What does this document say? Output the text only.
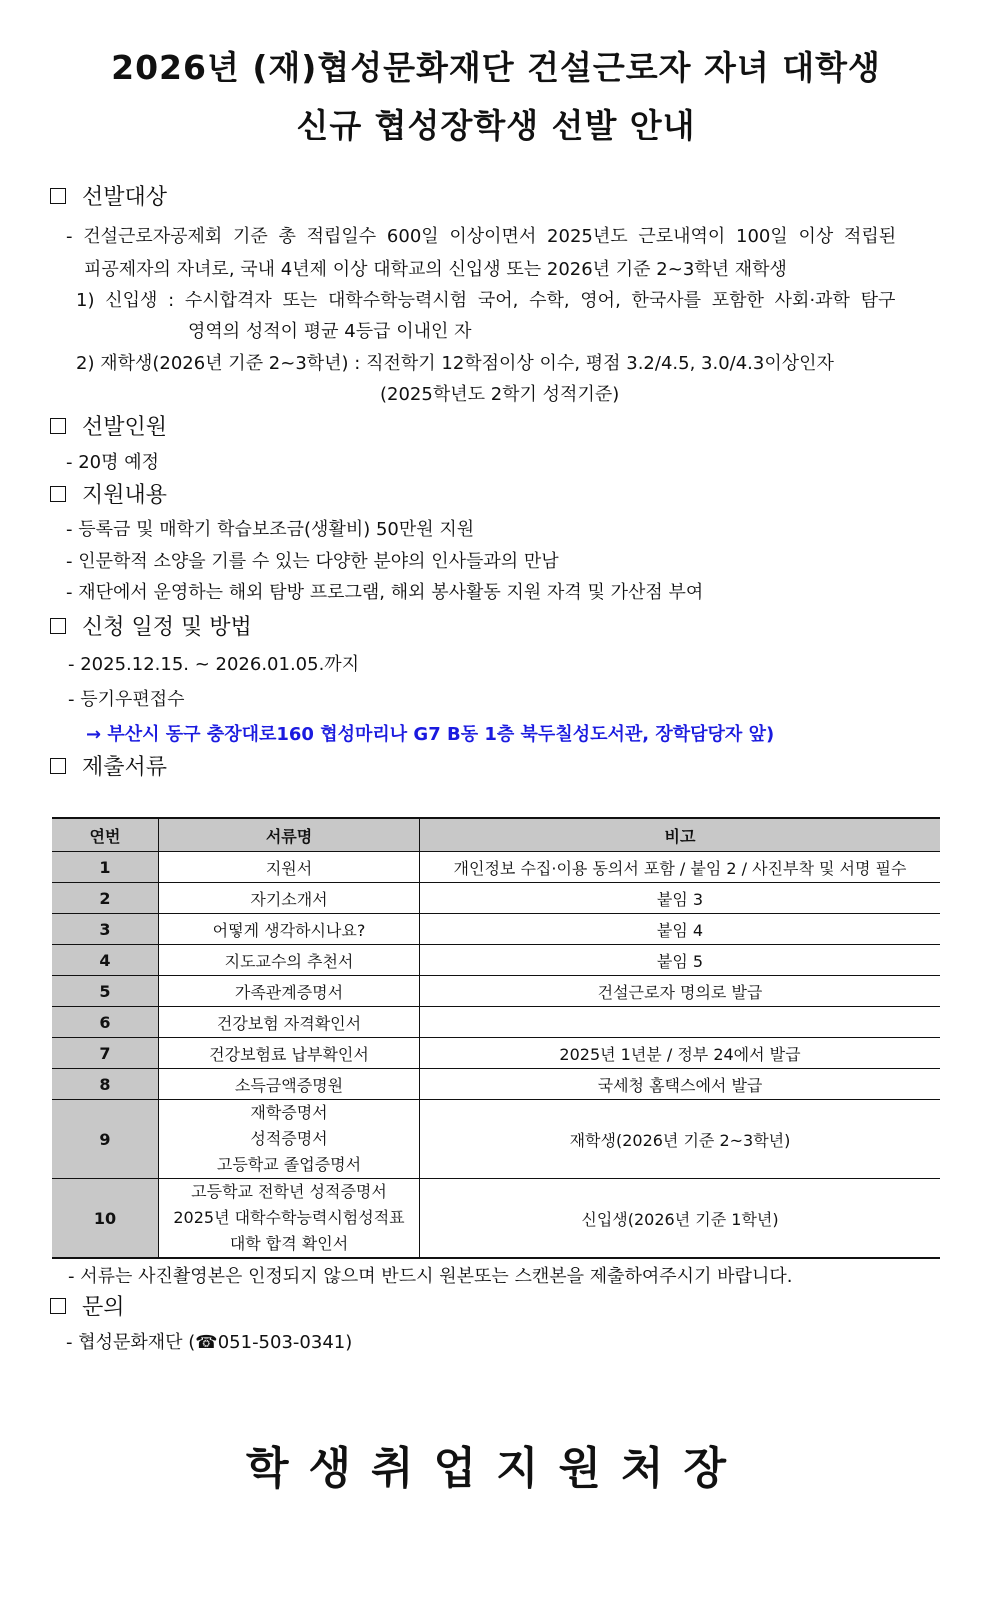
2026년 (재)협성문화재단 건설근로자 자녀 대학생
신규 협성장학생 선발 안내
선발대상
- 건설근로자공제회 기준 총 적립일수 600일 이상이면서 2025년도 근로내역이 100일 이상 적립된
피공제자의 자녀로, 국내 4년제 이상 대학교의 신입생 또는 2026년 기준 2~3학년 재학생
1) 신입생 : 수시합격자 또는 대학수학능력시험 국어, 수학, 영어, 한국사를 포함한 사회·과학 탐구
영역의 성적이 평균 4등급 이내인 자
2) 재학생(2026년 기준 2~3학년) : 직전학기 12학점이상 이수, 평점 3.2/4.5, 3.0/4.3이상인자
(2025학년도 2학기 성적기준)
선발인원
- 20명 예정
지원내용
- 등록금 및 매학기 학습보조금(생활비) 50만원 지원
- 인문학적 소양을 기를 수 있는 다양한 분야의 인사들과의 만남
- 재단에서 운영하는 해외 탐방 프로그램, 해외 봉사활동 지원 자격 및 가산점 부여
신청 일정 및 방법
- 2025.12.15. ~ 2026.01.05.까지
- 등기우편접수
→ 부산시 동구 충장대로160 협성마리나 G7 B동 1층 북두칠성도서관, 장학담당자 앞)
제출서류
연번	서류명	비고
1	지원서	개인정보 수집·이용 동의서 포함 / 붙임 2 / 사진부착 및 서명 필수
2	자기소개서	붙임 3
3	어떻게 생각하시나요?	붙임 4
4	지도교수의 추천서	붙임 5
5	가족관계증명서	건설근로자 명의로 발급
6	건강보험 자격확인서	
7	건강보험료 납부확인서	2025년 1년분 / 정부 24에서 발급
8	소득금액증명원	국세청 홈택스에서 발급
9	재학증명서
성적증명서
고등학교 졸업증명서	재학생(2026년 기준 2~3학년)
10	고등학교 전학년 성적증명서
2025년 대학수학능력시험성적표
대학 합격 확인서	신입생(2026년 기준 1학년)
- 서류는 사진촬영본은 인정되지 않으며 반드시 원본또는 스캔본을 제출하여주시기 바랍니다.
문의
- 협성문화재단 (☎051-503-0341)
학생취업지원처장
